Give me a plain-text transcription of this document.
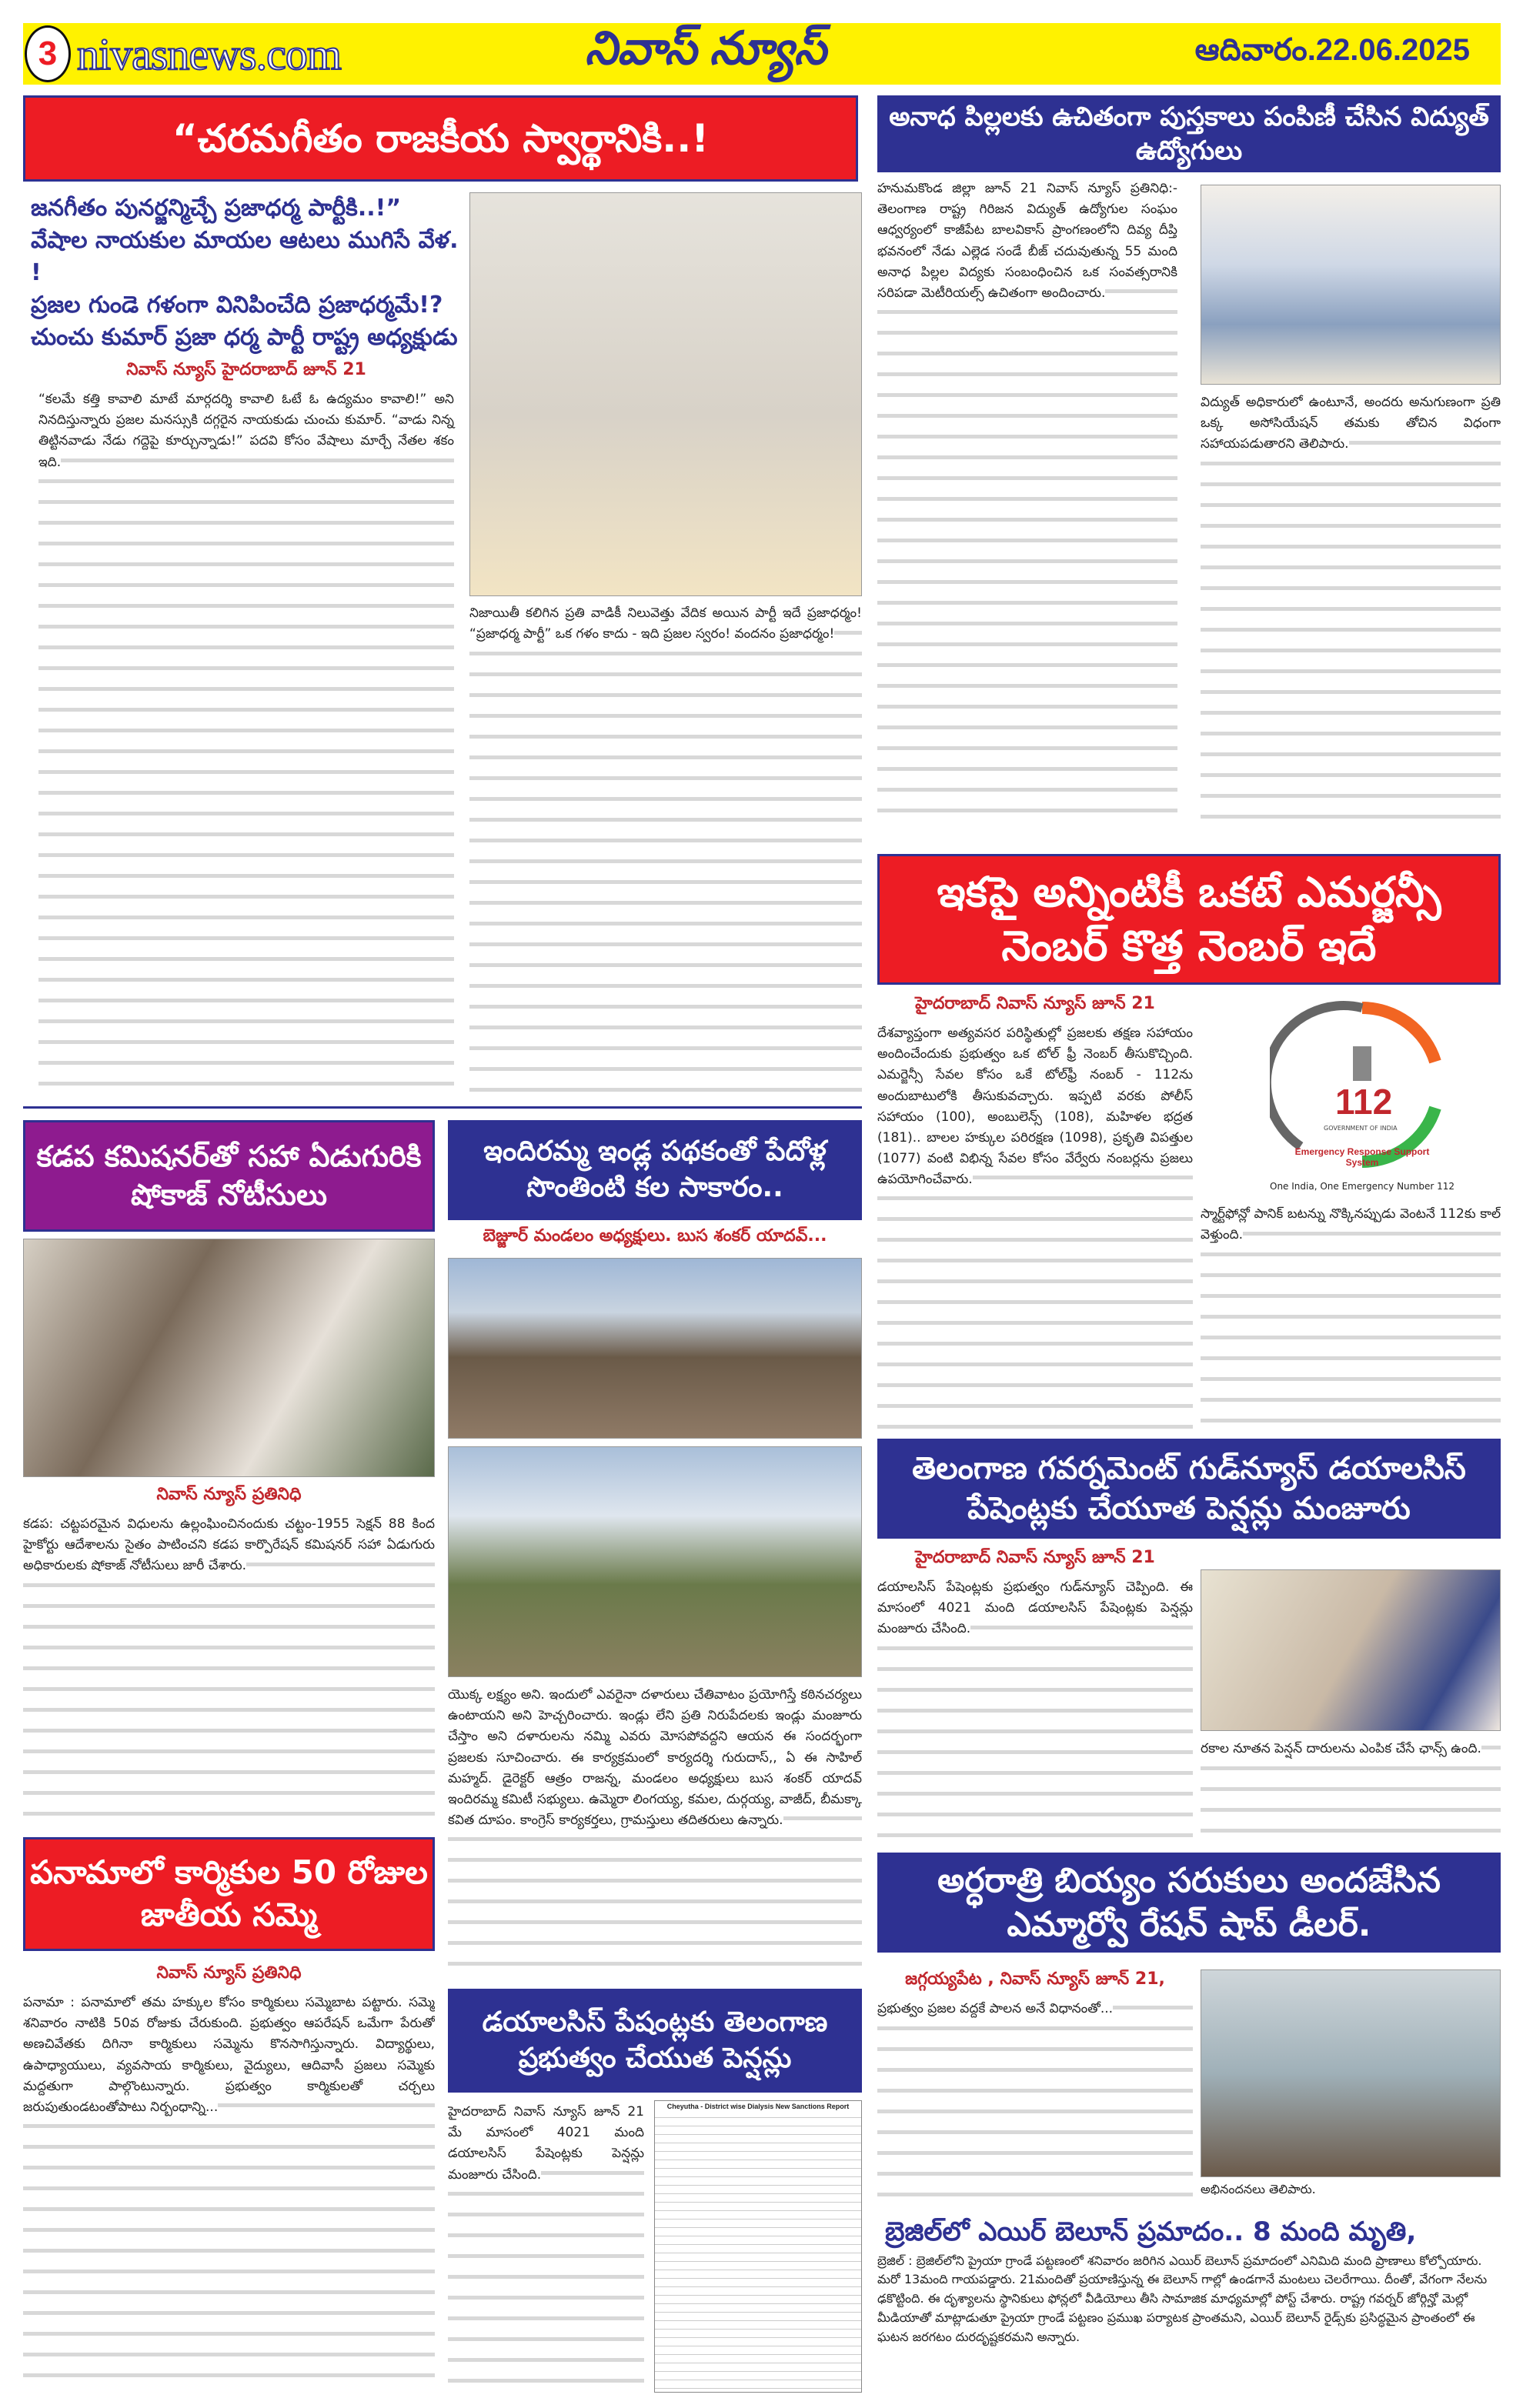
3 nivasnews.com	నివాస్ న్యూస్	ఆదివారం.22.06.2025
“చరమగీతం రాజకీయ స్వార్థానికి..!
జనగీతం పునర్జన్మిచ్చే ప్రజాధర్మ పార్టీకి..!”
వేషాల నాయకుల మాయల ఆటలు ముగిసే వేళ. !
ప్రజల గుండె గళంగా వినిపించేది ప్రజాధర్మమే!?
చుంచు కుమార్ ప్రజా ధర్మ పార్టీ రాష్ట్ర అధ్యక్షుడు
నివాస్ న్యూస్ హైదరాబాద్ జూన్ 21
“కలమే కత్తి కావాలి మాటే మార్గదర్శి కావాలి ఓటే ఓ ఉద్యమం కావాలి!” అని నినదిస్తున్నారు ప్రజల మనస్సుకి దగ్గరైన నాయకుడు చుంచు కుమార్. “వాడు నిన్న తిట్టినవాడు నేడు గద్దెపై కూర్చున్నాడు!” పదవి కోసం వేషాలు మార్చే నేతల శకం ఇది.
నిజాయితీ కలిగిన ప్రతి వాడికీ నిలువెత్తు వేదిక అయిన పార్టీ ఇదే ప్రజాధర్మం! “ప్రజాధర్మ పార్టీ” ఒక గళం కాదు - ఇది ప్రజల స్వరం! వందనం ప్రజాధర్మం!
అనాధ పిల్లలకు ఉచితంగా పుస్తకాలు పంపిణీ చేసిన విద్యుత్ ఉద్యోగులు
హనుమకొండ జిల్లా జూన్ 21 నివాస్ న్యూస్ ప్రతినిధి:- తెలంగాణ రాష్ట్ర గిరిజన విద్యుత్ ఉద్యోగుల సంఘం ఆధ్వర్యంలో కాజీపేట బాలవికాస్ ప్రాంగణంలోని దివ్య దీప్తి భవనంలో నేడు ఎల్లెడ సండే బీజ్ చదువుతున్న 55 మంది అనాధ పిల్లల విద్యకు సంబంధించిన ఒక సంవత్సరానికి సరిపడా మెటీరియల్స్ ఉచితంగా అందించారు.
విద్యుత్ అధికారులో ఉంటూనే, అందరు అనుగుణంగా ప్రతి ఒక్క అసోసియేషన్ తమకు తోచిన విధంగా సహాయపడుతారని తెలిపారు.
ఇకపై అన్నింటికీ ఒకటే ఎమర్జన్సీ నెంబర్ కొత్త నెంబర్ ఇదే
హైదరాబాద్ నివాస్ న్యూస్ జూన్ 21
దేశవ్యాప్తంగా అత్యవసర పరిస్థితుల్లో ప్రజలకు తక్షణ సహాయం అందించేందుకు ప్రభుత్వం ఒక టోల్ ఫ్రీ నెంబర్ తీసుకొచ్చింది. ఎమర్జెన్సీ సేవల కోసం ఒకే టోల్‌ఫ్రీ నంబర్ - 112ను అందుబాటులోకి తీసుకువచ్చారు. ఇప్పటి వరకు పోలీస్ సహాయం (100), అంబులెన్స్ (108), మహిళల భద్రత (181).. బాలల హక్కుల పరిరక్షణ (1098), ప్రకృతి విపత్తుల (1077) వంటి విభిన్న సేవల కోసం వేర్వేరు నంబర్లను ప్రజలు ఉపయోగించేవారు.
112
GOVERNMENT OF INDIA
Emergency Response Support System
One India, One Emergency Number 112
స్మార్ట్‌ఫోన్లో పానిక్ బటన్ను నొక్కినప్పుడు వెంటనే 112కు కాల్ వెళ్తుంది.
తెలంగాణ గవర్నమెంట్ గుడ్‌న్యూస్ డయాలసిస్ పేషెంట్లకు చేయూత పెన్షన్లు మంజూరు
హైదరాబాద్ నివాస్ న్యూస్ జూన్ 21
డయాలసిస్ పేషెంట్లకు ప్రభుత్వం గుడ్‌న్యూస్ చెప్పింది. ఈ మాసంలో 4021 మంది డయాలసిస్ పేషెంట్లకు పెన్షన్లు మంజూరు చేసింది.
రకాల నూతన పెన్షన్ దారులను ఎంపిక చేసే ఛాన్స్ ఉంది.
అర్ధరాత్రి బియ్యం సరుకులు అందజేసిన ఎమ్మార్వో రేషన్ షాప్ డీలర్.
జగ్గయ్యపేట , నివాస్ న్యూస్ జూన్ 21,
ప్రభుత్వం ప్రజల వద్దకే పాలన అనే విధానంతో...
అభినందనలు తెలిపారు.
బ్రెజిల్‌లో ఎయిర్ బెలూన్ ప్రమాదం.. 8 మంది మృతి,
బ్రెజిల్ : బ్రెజిల్‌లోని ప్రైయా గ్రాండే పట్టణంలో శనివారం జరిగిన ఎయిర్ బెలూన్ ప్రమాదంలో ఎనిమిది మంది ప్రాణాలు కోల్పోయారు. మరో 13మంది గాయపడ్డారు. 21మందితో ప్రయాణిస్తున్న ఈ బెలూన్ గాల్లో ఉండగానే మంటలు చెలరేగాయి. దీంతో, వేగంగా నేలను ఢకొట్టింది. ఈ దృశ్యాలను స్థానికులు ఫోన్లలో వీడియోలు తీసి సామాజిక మాధ్యమాల్లో పోస్ట్ చేశారు. రాష్ట్ర గవర్నర్ జోర్గిన్హో మెల్లో మీడియాతో మాట్లాడుతూ ప్రైయా గ్రాండే పట్టణం ప్రముఖ పర్యాటక ప్రాంతమని, ఎయిర్ బెలూన్ రైడ్స్‌కు ప్రసిద్ధమైన ప్రాంతంలో ఈ ఘటన జరగటం దురదృష్టకరమని అన్నారు.
కడప కమిషనర్‌తో సహా ఏడుగురికి షోకాజ్ నోటీసులు
నివాస్ న్యూస్ ప్రతినిధి
కడప: చట్టపరమైన విధులను ఉల్లంఘించినందుకు చట్టం-1955 సెక్షన్ 88 కింద హైకోర్టు ఆదేశాలను సైతం పాటించని కడప కార్పొరేషన్ కమిషనర్ సహా ఏడుగురు అధికారులకు షోకాజ్ నోటీసులు జారీ చేశారు.
ఇందిరమ్మ ఇండ్ల పథకంతో పేదోళ్ల సొంతింటి కల సాకారం..
బెజ్జూర్ మండలం అధ్యక్షులు. బుస శంకర్ యాదవ్...
యొక్క లక్ష్యం అని. ఇందులో ఎవరైనా దళారులు చేతివాటం ప్రయోగిస్తే కఠినచర్యలు ఉంటాయని అని హెచ్చరించారు. ఇండ్లు లేని ప్రతి నిరుపేదలకు ఇండ్లు మంజూరు చేస్తాం అని దళారులను నమ్మి ఎవరు మోసపోవద్దని ఆయన ఈ సందర్భంగా ప్రజలకు సూచించారు. ఈ కార్యక్రమంలో కార్యదర్శి గురుదాస్,, ఏ ఈ సాహిల్ మహ్మద్. డైరెక్టర్ ఆత్రం రాజన్న, మండలం అధ్యక్షులు బుస శంకర్ యాదవ్ ఇందిరమ్మ కమిటీ సభ్యులు. ఉమ్మెరా లింగయ్య, కమల, దుర్గయ్య, వాజీద్, బీమక్కా కవిత దూపం. కాంగ్రెస్ కార్యకర్తలు, గ్రామస్తులు తదితరులు ఉన్నారు.
పనామాలో కార్మికుల 50 రోజుల జాతీయ సమ్మె
నివాస్ న్యూస్ ప్రతినిధి
పనామా : పనామాలో తమ హక్కుల కోసం కార్మికులు సమ్మెబాట పట్టారు. సమ్మె శనివారం నాటికి 50వ రోజుకు చేరుకుంది. ప్రభుత్వం ఆపరేషన్ ఒమేగా పేరుతో అణచివేతకు దిగినా కార్మికులు సమ్మెను కొనసాగిస్తున్నారు. విద్యార్థులు, ఉపాధ్యాయులు, వ్యవసాయ కార్మికులు, వైద్యులు, ఆదివాసీ ప్రజలు సమ్మెకు మద్దతుగా పాల్గొంటున్నారు. ప్రభుత్వం కార్మికులతో చర్చలు జరుపుతుండటంతోపాటు నిర్బంధాన్ని...
డయాలసిస్ పేషంట్లకు తెలంగాణ ప్రభుత్వం చేయుత పెన్షన్లు
హైదరాబాద్ నివాస్ న్యూస్ జూన్ 21 మే మాసంలో 4021 మంది డయాలసిస్ పేషెంట్లకు పెన్షన్లు మంజూరు చేసింది.
Cheyutha - District wise Dialysis New Sanctions Report
